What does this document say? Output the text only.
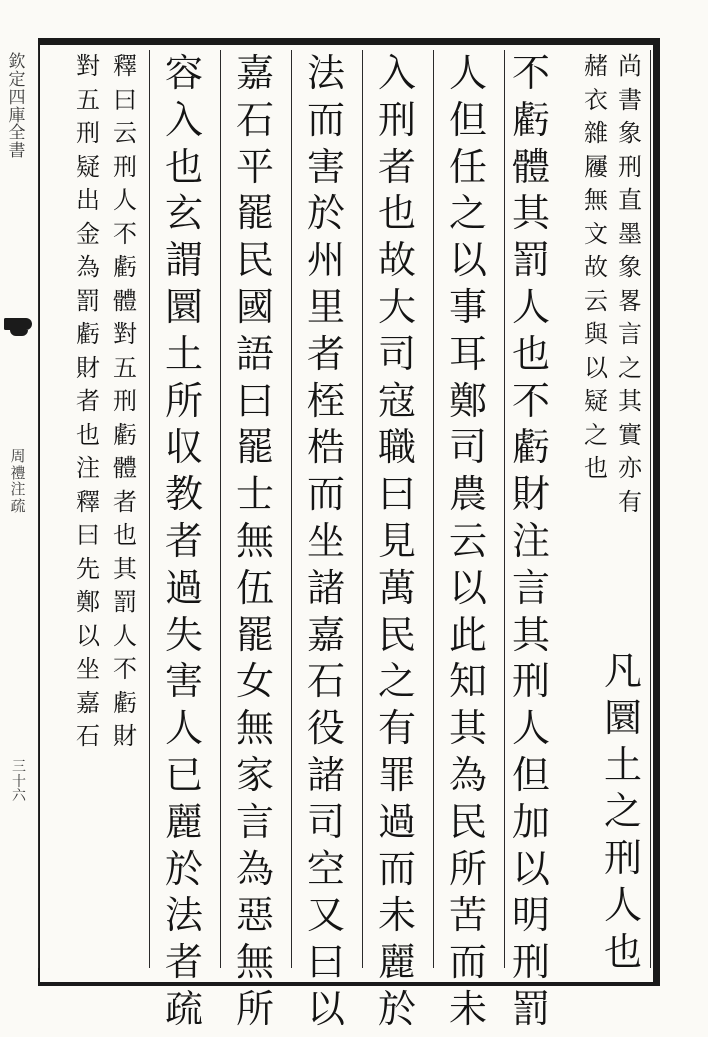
欽
定
四
庫
全
書
周
禮
注
疏
三
十
六
尚
書
象
刑
直
墨
象
畧
言
之
其
實
亦
有
赭
衣
雜
屨
無
文
故
云
與
以
疑
之
也
凡
圜
土
之
刑
人
也
不
虧
體
其
罰
人
也
不
虧
財
注
言
其
刑
人
但
加
以
明
刑
罰
人
但
任
之
以
事
耳
鄭
司
農
云
以
此
知
其
為
民
所
苦
而
未
入
刑
者
也
故
大
司
寇
職
曰
見
萬
民
之
有
罪
過
而
未
麗
於
法
而
害
於
州
里
者
桎
梏
而
坐
諸
嘉
石
役
諸
司
空
又
曰
以
嘉
石
平
罷
民
國
語
曰
罷
士
無
伍
罷
女
無
家
言
為
惡
無
所
容
入
也
玄
謂
圜
土
所
収
教
者
過
失
害
人
已
麗
於
法
者
疏
釋
曰
云
刑
人
不
虧
體
對
五
刑
虧
體
者
也
其
罰
人
不
虧
財
對
五
刑
疑
出
金
為
罰
虧
財
者
也
注
釋
曰
先
鄭
以
坐
嘉
石
